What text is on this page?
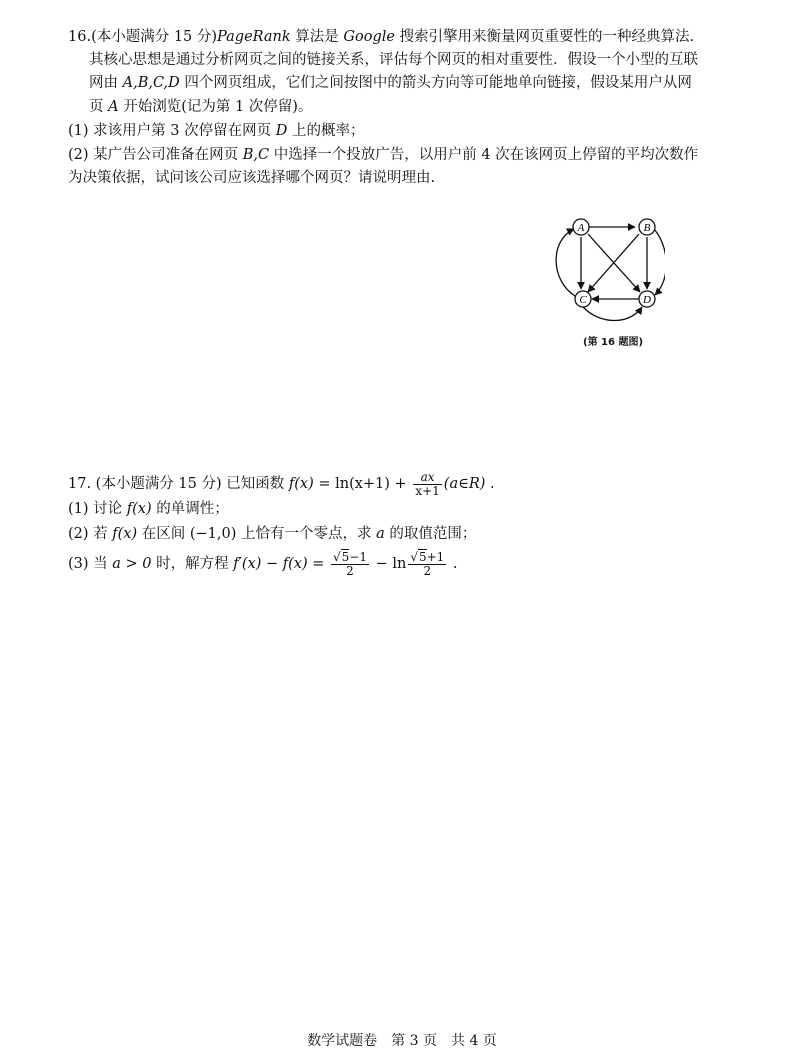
16.(本小题满分 15 分)PageRank 算法是 Google 搜索引擎用来衡量网页重要性的一种经典算法.
其核心思想是通过分析网页之间的链接关系，评估每个网页的相对重要性．假设一个小型的互联
网由 A,B,C,D 四个网页组成，它们之间按图中的箭头方向等可能地单向链接，假设某用户从网
页 A 开始浏览(记为第 1 次停留)。
(1) 求该用户第 3 次停留在网页 D 上的概率；
(2) 某广告公司准备在网页 B,C 中选择一个投放广告，以用户前 4 次在该网页上停留的平均次数作
为决策依据，试问该公司应该选择哪个网页？请说明理由.
A	B
C	D
(第 16 题图)
17. (本小题满分 15 分) 已知函数 $f(x) = \ln(x+1) + \frac{ax}{x+1}$ (a∈R) .
(1) 讨论 f(x) 的单调性；
(2) 若 f(x) 在区间 (−1,0) 上恰有一个零点，求 a 的取值范围；
(3) 当 a > 0 时，解方程 $f'(x) - f(x) = \frac{√5-1}{2} - \ln \frac{√5+1}{2}$ .
数学试题卷　第 3 页　共 4 页
